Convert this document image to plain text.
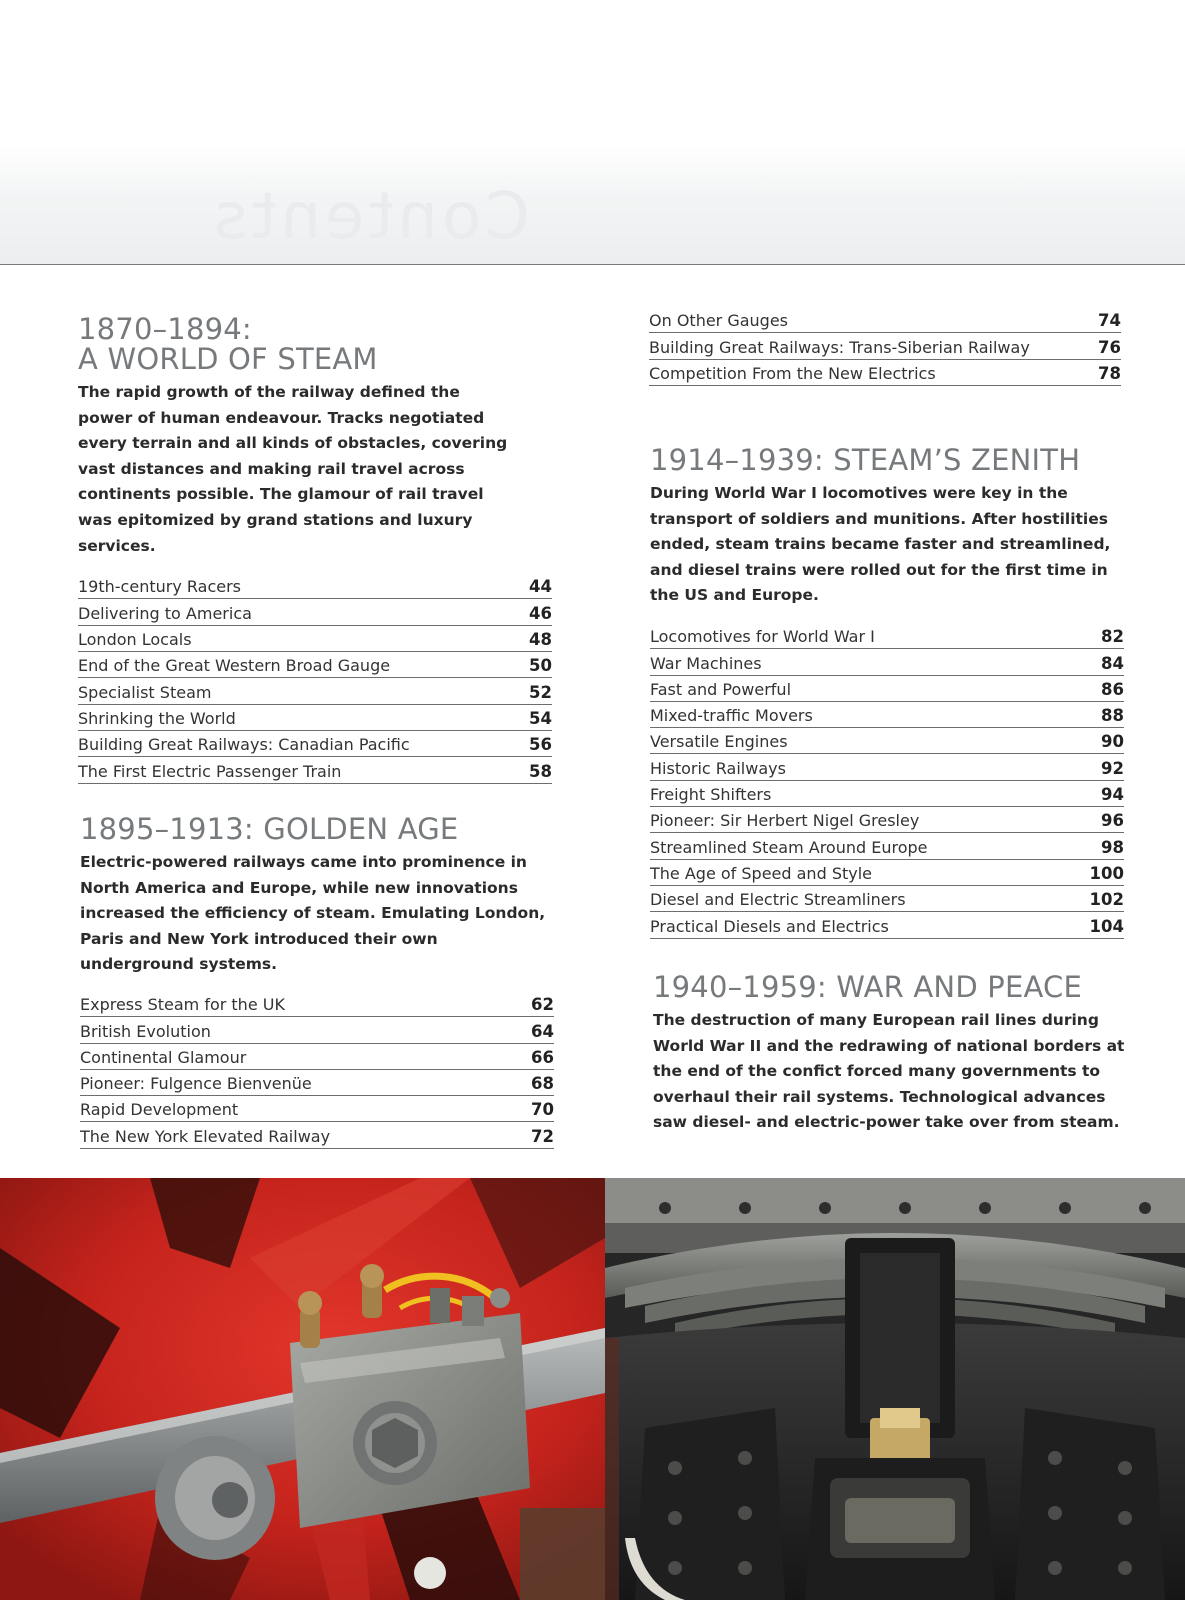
Contents
1870–1894:
A WORLD OF STEAM

The rapid growth of the railway defined the power of human endeavour. Tracks negotiated every terrain and all kinds of obstacles, covering vast distances and making rail travel across continents possible. The glamour of rail travel was epitomized by grand stations and luxury services.

19th-century Racers	44
Delivering to America	46
London Locals	48
End of the Great Western Broad Gauge	50
Specialist Steam	52
Shrinking the World	54
Building Great Railways: Canadian Pacific	56
The First Electric Passenger Train	58
1895–1913: GOLDEN AGE

Electric-powered railways came into prominence in North America and Europe, while new innovations increased the efficiency of steam. Emulating London, Paris and New York introduced their own underground systems.

Express Steam for the UK	62
British Evolution	64
Continental Glamour	66
Pioneer: Fulgence Bienvenüe	68
Rapid Development	70
The New York Elevated Railway	72
On Other Gauges	74
Building Great Railways: Trans-Siberian Railway	76
Competition From the New Electrics	78
1914–1939: STEAM’S ZENITH

During World War I locomotives were key in the transport of soldiers and munitions. After hostilities ended, steam trains became faster and streamlined, and diesel trains were rolled out for the first time in the US and Europe.

Locomotives for World War I	82
War Machines	84
Fast and Powerful	86
Mixed-traffic Movers	88
Versatile Engines	90
Historic Railways	92
Freight Shifters	94
Pioneer: Sir Herbert Nigel Gresley	96
Streamlined Steam Around Europe	98
The Age of Speed and Style	100
Diesel and Electric Streamliners	102
Practical Diesels and Electrics	104
1940–1959: WAR AND PEACE

The destruction of many European rail lines during World War II and the redrawing of national borders at the end of the confict forced many governments to overhaul their rail systems. Technological advances saw diesel- and electric-power take over from steam.
